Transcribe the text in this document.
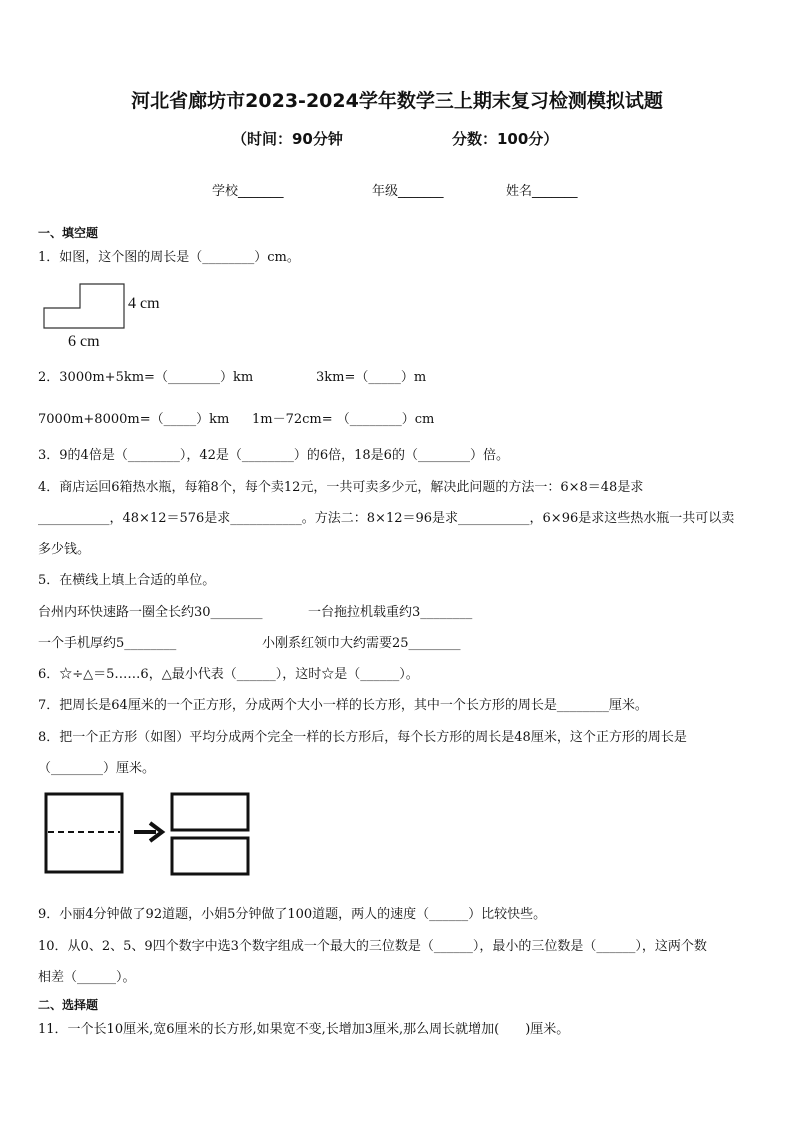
河北省廊坊市2023-2024学年数学三上期末复习检测模拟试题
（时间：90分钟	分数：100分）
学校_______	年级_______	姓名_______
一、填空题
1．如图，这个图的周长是（________）cm。
4 cm
6 cm
2．3000m+5km=（________）km	3km=（_____）m
7000m+8000m=（_____）km 1m－72cm= （________）cm
3．9的4倍是（________），42是（________）的6倍，18是6的（________）倍。
4．商店运回6箱热水瓶，每箱8个，每个卖12元，一共可卖多少元，解决此问题的方法一：6×8＝48是求
___________，48×12＝576是求___________。方法二：8×12＝96是求___________，6×96是求这些热水瓶一共可以卖
多少钱。
5．在横线上填上合适的单位。
台州内环快速路一圈全长约30________	一台拖拉机载重约3________
一个手机厚约5________	小刚系红领巾大约需要25________
6．☆÷△＝5……6，△最小代表（______），这时☆是（______）。
7．把周长是64厘米的一个正方形，分成两个大小一样的长方形，其中一个长方形的周长是________厘米。
8．把一个正方形（如图）平均分成两个完全一样的长方形后，每个长方形的周长是48厘米，这个正方形的周长是
（________）厘米。
9．小丽4分钟做了92道题，小娟5分钟做了100道题，两人的速度（______）比较快些。
10．从0、2、5、9四个数字中选3个数字组成一个最大的三位数是（______），最小的三位数是（______），这两个数
相差（______）。
二、选择题
11．一个长10厘米,宽6厘米的长方形,如果宽不变,长增加3厘米,那么周长就增加(　　)厘米。
